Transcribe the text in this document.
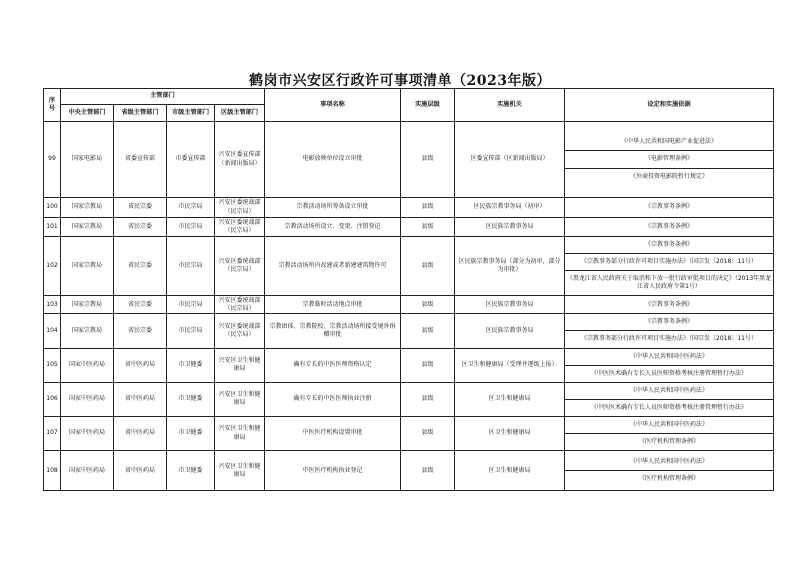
鹤岗市兴安区行政许可事项清单（2023年版）
序号	主管部门				事项名称	实施层级	实施机关	设定和实施依据
	中央主管部门	省级主管部门	市级主管部门	区级主管部门				
99	国家电影局	省委宣传部	市委宣传部	兴安区委宣传部（新闻出版局）	电影放映单位设立审批	县级	区委宣传部（区新闻出版局）	《中华人民共和国电影产业促进法》
《电影管理条例》
《外商投资电影院暂行规定》

100	国家宗教局	省民宗委	市民宗局	兴安区委统战部（民宗局）	宗教活动场所筹备设立审批	县级	区民族宗教事务局（初审）	《宗教事务条例》

101	国家宗教局	省民宗委	市民宗局	兴安区委统战部（民宗局）	宗教活动场所设立、变更、注销登记	县级	区民族宗教事务局	《宗教事务条例》

102	国家宗教局	省民宗委	市民宗局	兴安区委统战部（民宗局）	宗教活动场所内改建或者新建建筑物许可	县级	区民族宗教事务局（部分为初审，部分为审批）	《宗教事务条例》
《宗教事务部分行政许可项目实施办法》（国宗发〔2018〕11号）
《黑龙江省人民政府关于取消和下放一批行政审批项目的决定》（2013年黑龙江省人民政府令第1号）

103	国家宗教局	省民宗委	市民宗局	兴安区委统战部（民宗局）	宗教临时活动地点审批	县级	区民族宗教事务局	《宗教事务条例》

104	国家宗教局	省民宗委	市民宗局	兴安区委统战部（民宗局）	宗教团体、宗教院校、宗教活动场所接受境外捐赠审批	县级	区民族宗教事务局	《宗教事务条例》
《宗教事务部分行政许可项目实施办法》（国宗发〔2018〕11号）

105	国家中医药局	省中医药局	市卫健委	兴安区卫生和健康局	确有专长的中医医师资格认定	县级	区卫生和健康局（受理并逐级上报）	《中华人民共和国中医药法》
《中医医术确有专长人员医师资格考核注册管理暂行办法》

106	国家中医药局	省中医药局	市卫健委	兴安区卫生和健康局	确有专长的中医医师执业注册	县级	区卫生和健康局	《中华人民共和国中医药法》
《中医医术确有专长人员医师资格考核注册管理暂行办法》

107	国家中医药局	省中医药局	市卫健委	兴安区卫生和健康局	中医医疗机构设置审批	县级	区卫生和健康局	《中华人民共和国中医药法》
《医疗机构管理条例》

108	国家中医药局	省中医药局	市卫健委	兴安区卫生和健康局	中医医疗机构执业登记	县级	区卫生和健康局	《中华人民共和国中医药法》
《医疗机构管理条例》
